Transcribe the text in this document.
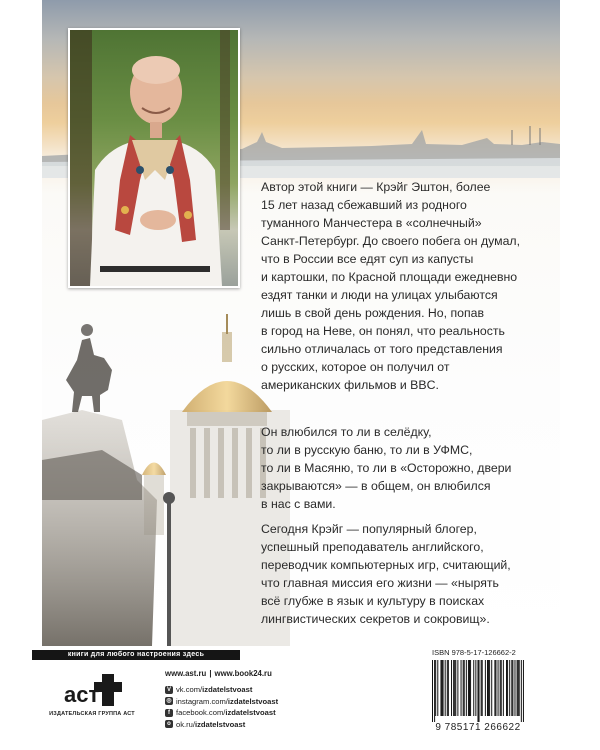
Автор этой книги — Крэйг Эштон, более
15 лет назад сбежавший из родного
туманного Манчестера в «солнечный»
Санкт-Петербург. До своего побега он думал,
что в России все едят суп из капусты
и картошки, по Красной площади ежедневно
ездят танки и люди на улицах улыбаются
лишь в свой день рождения. Но, попав
в город на Неве, он понял, что реальность
сильно отличалась от того представления
о русских, которое он получил от
американских фильмов и BBC.

Он влюбился то ли в селёдку,
то ли в русскую баню, то ли в УФМС,
то ли в Масяню, то ли в «Осторожно, двери
закрываются» — в общем, он влюбился
в нас с вами.

Сегодня Крэйг — популярный блогер,
успешный преподаватель английского,
переводчик компьютерных игр, считающий,
что главная миссия его жизни — «нырять
всё глубже в язык и культуру в поисках
лингвистических секретов и сокровищ».

книги для любого настроения здесь
аст
ИЗДАТЕЛЬСКАЯ ГРУППА АСТ
www.ast.ru | www.book24.ru
V vk.com/ izdatelstvoast
◎ instagram.com/ izdatelstvoast
f facebook.com/ izdatelstvoast
o ok.ru/ izdatelstvoast
ISBN 978-5-17-126662-2
9 785171 266622
